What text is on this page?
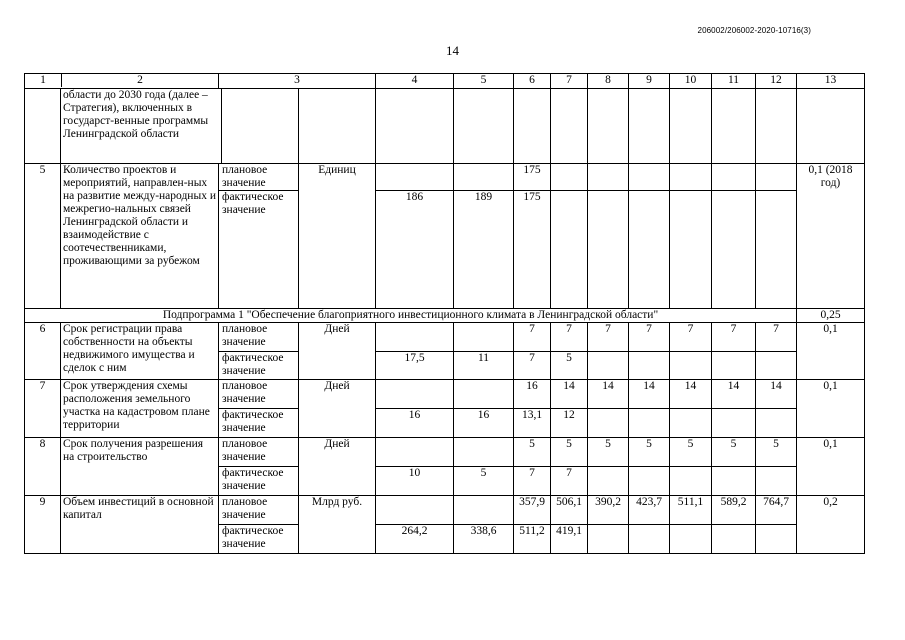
206002/206002-2020-10716(3)
14
1 2		3		4	5	6	7	8	9	10	11	12	13

	области до 2030 года (далее – Стратегия), включенных в государст-венные программы Ленинградской области												

5	Количество проектов и мероприятий, направлен-ных на развитие между-народных и межрегио-нальных связей Ленинградской области и взаимодействие с соотечественниками, проживающими за рубежом	плановое значение	Единиц			175							0,1 (2018 год)
		фактическое значение		186	189	175							
Подпрограмма 1 "Обеспечение благоприятного инвестиционного климата в Ленинградской области"													0,25
6	Срок регистрации права собственности на объекты недвижимого имущества и сделок с ним	плановое значение	Дней			7	7	7	7	7	7	7	0,1
		фактическое значение		17,5	11	7	5						
7	Срок утверждения схемы расположения земельного участка на кадастровом плане территории	плановое значение	Дней			16	14	14	14	14	14	14	0,1
		фактическое значение		16	16	13,1	12						
8	Срок получения разрешения на строительство	плановое значение	Дней			5	5	5	5	5	5	5	0,1
		фактическое значение		10	5	7	7						
9	Объем инвестиций в основной капитал	плановое значение	Млрд руб.			357,9	506,1	390,2	423,7	511,1	589,2	764,7	0,2
		фактическое значение		264,2	338,6	511,2	419,1						
